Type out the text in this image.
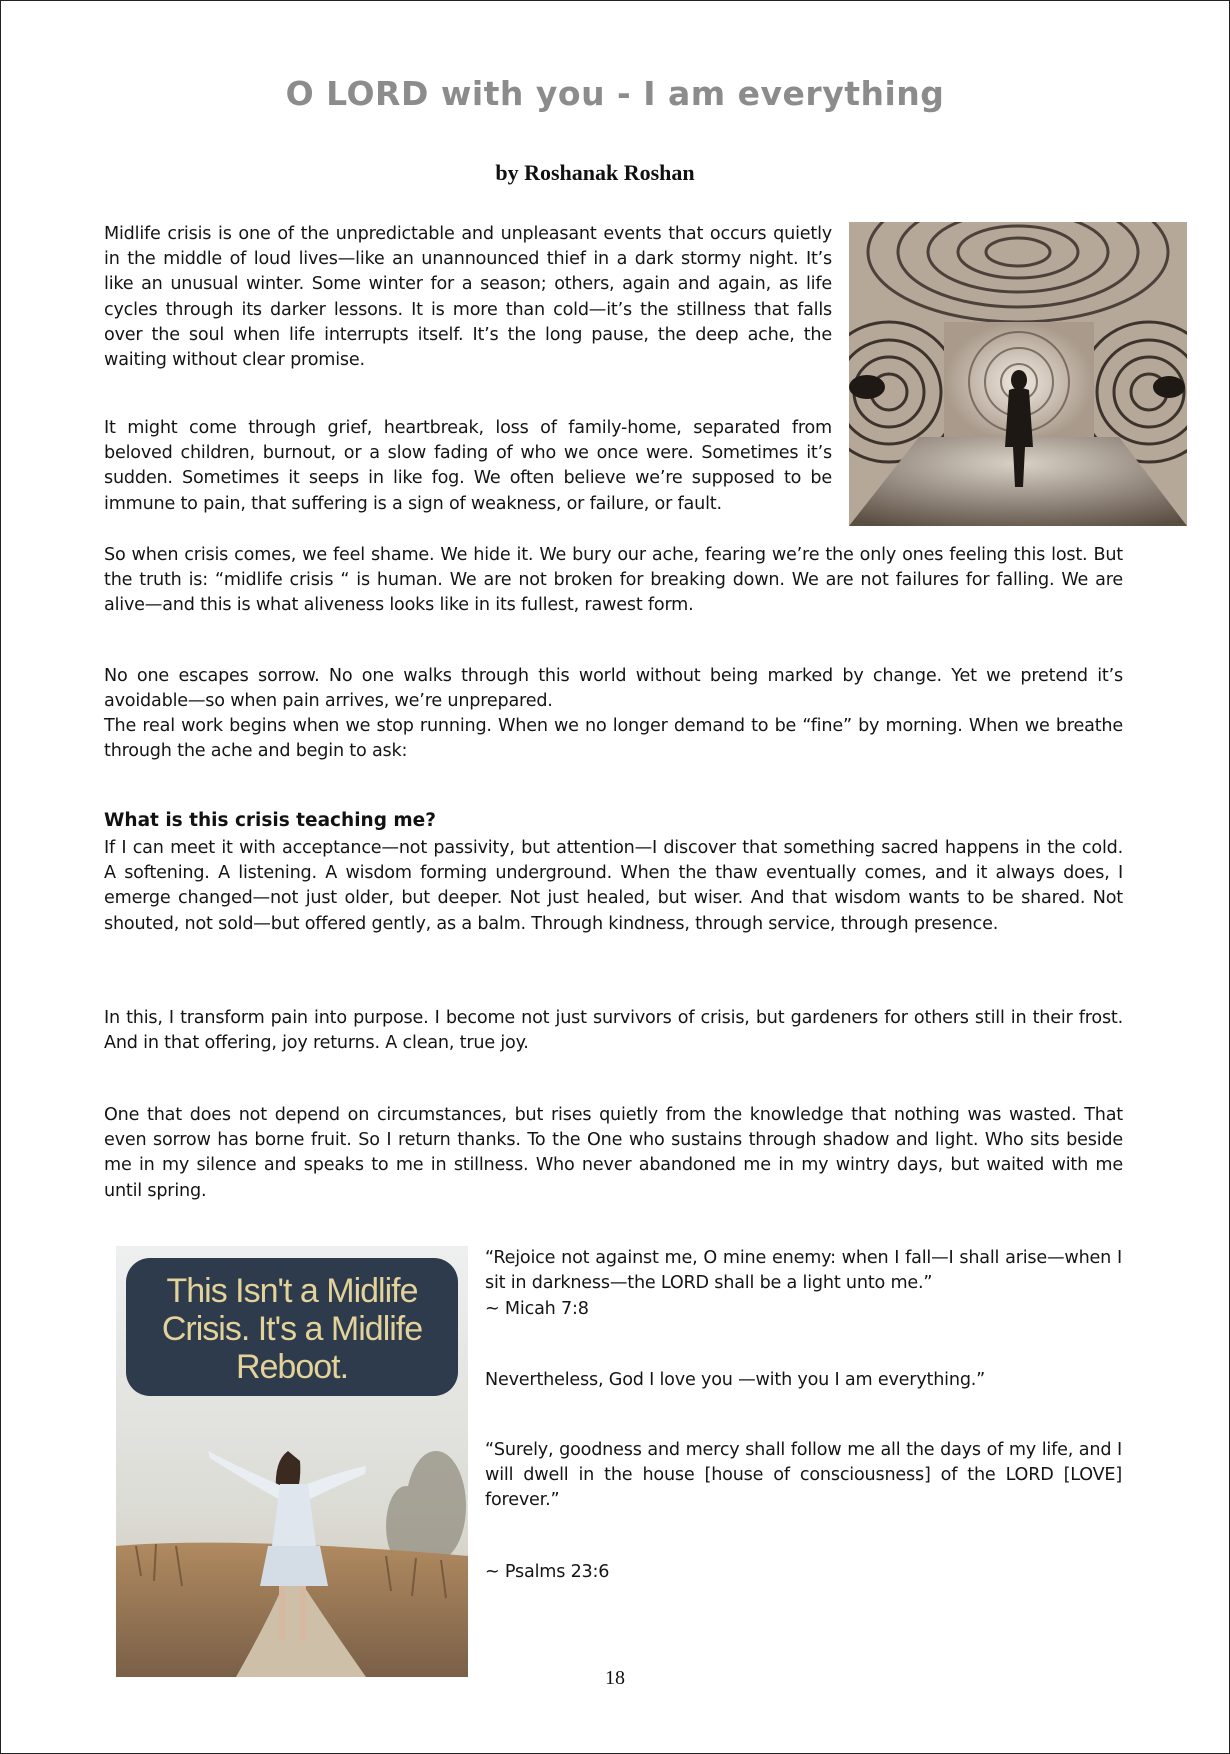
O LORD with you - I am everything
by Roshanak Roshan

Midlife crisis is one of the unpredictable and unpleasant events that occurs quietly in the middle of loud lives—like an unannounced thief in a dark stormy night. It’s like an unusual winter. Some winter for a season; others, again and again, as life cycles through its darker lessons. It is more than cold—it’s the stillness that falls over the soul when life interrupts itself. It’s the long pause, the deep ache, the waiting without clear promise.

It might come through grief, heartbreak, loss of family-home, separated from beloved children, burnout, or a slow fading of who we once were. Sometimes it’s sudden. Sometimes it seeps in like fog. We often believe we’re supposed to be immune to pain, that suffering is a sign of weakness, or failure, or fault.

So when crisis comes, we feel shame. We hide it. We bury our ache, fearing we’re the only ones feeling this lost. But the truth is: “midlife crisis “ is human. We are not broken for breaking down. We are not failures for falling. We are alive—and this is what aliveness looks like in its fullest, rawest form.

No one escapes sorrow. No one walks through this world without being marked by change. Yet we pretend it’s avoidable—so when pain arrives, we’re unprepared.

The real work begins when we stop running. When we no longer demand to be “fine” by morning. When we breathe through the ache and begin to ask:

What is this crisis teaching me?

If I can meet it with acceptance—not passivity, but attention—I discover that something sacred happens in the cold. A softening. A listening. A wisdom forming underground. When the thaw eventually comes, and it always does, I emerge changed—not just older, but deeper. Not just healed, but wiser. And that wisdom wants to be shared. Not shouted, not sold—but offered gently, as a balm. Through kindness, through service, through presence.

In this, I transform pain into purpose. I become not just survivors of crisis, but gardeners for others still in their frost. And in that offering, joy returns. A clean, true joy.

One that does not depend on circumstances, but rises quietly from the knowledge that nothing was wasted. That even sorrow has borne fruit. So I return thanks. To the One who sustains through shadow and light. Who sits beside me in my silence and speaks to me in stillness. Who never abandoned me in my wintry days, but waited with me until spring.

This Isn't a Midlife
Crisis. It's a Midlife
Reboot.

“Rejoice not against me, O mine enemy: when I fall—I shall arise—when I sit in darkness—the LORD shall be a light unto me.”

~ Micah 7:8

Nevertheless, God I love you —with you I am everything.”

“Surely, goodness and mercy shall follow me all the days of my life, and I will dwell in the house [house of consciousness] of the LORD [LOVE] forever.”

~ Psalms 23:6

18
